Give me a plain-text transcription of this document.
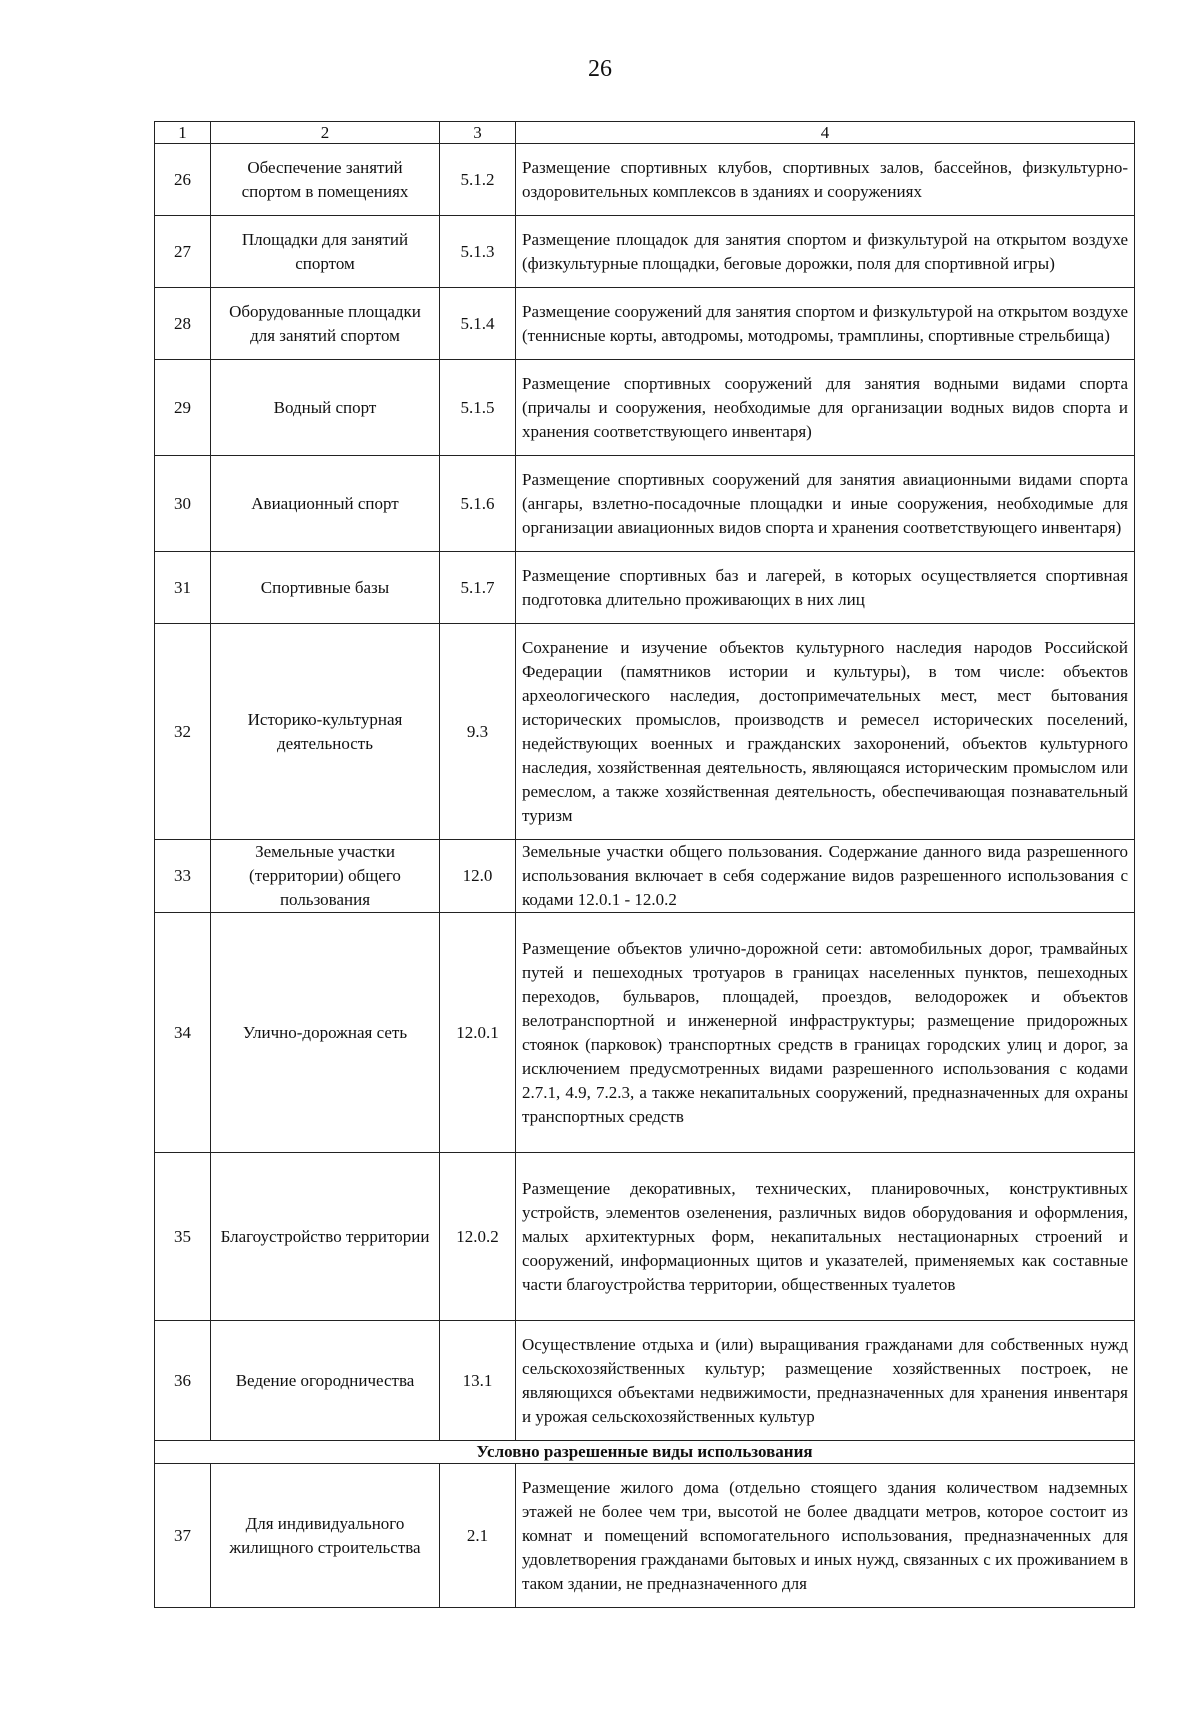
26
1	2	3	4
26	Обеспечение занятий спортом в помещениях	5.1.2	Размещение спортивных клубов, спортивных залов, бассейнов, физкультурно-оздоровительных комплексов в зданиях и сооружениях
27	Площадки для занятий спортом	5.1.3	Размещение площадок для занятия спортом и физкультурой на открытом воздухе (физкультурные площадки, беговые дорожки, поля для спортивной игры)
28	Оборудованные площадки для занятий спортом	5.1.4	Размещение сооружений для занятия спортом и физкультурой на открытом воздухе (теннисные корты, автодромы, мотодромы, трамплины, спортивные стрельбища)
29	Водный спорт	5.1.5	Размещение спортивных сооружений для занятия водными видами спорта (причалы и сооружения, необходимые для организации водных видов спорта и хранения соответствующего инвентаря)
30	Авиационный спорт	5.1.6	Размещение спортивных сооружений для занятия авиационными видами спорта (ангары, взлетно-посадочные площадки и иные сооружения, необходимые для организации авиационных видов спорта и хранения соответствующего инвентаря)
31	Спортивные базы	5.1.7	Размещение спортивных баз и лагерей, в которых осуществляется спортивная подготовка длительно проживающих в них лиц
32	Историко-культурная деятельность	9.3	Сохранение и изучение объектов культурного наследия народов Российской Федерации (памятников истории и культуры), в том числе: объектов археологического наследия, достопримечательных мест, мест бытования исторических промыслов, производств и ремесел исторических поселений, недействующих военных и гражданских захоронений, объектов культурного наследия, хозяйственная деятельность, являющаяся историческим промыслом или ремеслом, а также хозяйственная деятельность, обеспечивающая познавательный туризм
33	Земельные участки (территории) общего пользования	12.0	Земельные участки общего пользования. Содержание данного вида разрешенного использования включает в себя содержание видов разрешенного использования с кодами 12.0.1 - 12.0.2
34	Улично-дорожная сеть	12.0.1	Размещение объектов улично-дорожной сети: автомобильных дорог, трамвайных путей и пешеходных тротуаров в границах населенных пунктов, пешеходных переходов, бульваров, площадей, проездов, велодорожек и объектов велотранспортной и инженерной инфраструктуры; размещение придорожных стоянок (парковок) транспортных средств в границах городских улиц и дорог, за исключением предусмотренных видами разрешенного использования с кодами 2.7.1, 4.9, 7.2.3, а также некапитальных сооружений, предназначенных для охраны транспортных средств
35	Благоустройство территории	12.0.2	Размещение декоративных, технических, планировочных, конструктивных устройств, элементов озеленения, различных видов оборудования и оформления, малых архитектурных форм, некапитальных нестационарных строений и сооружений, информационных щитов и указателей, применяемых как составные части благоустройства территории, общественных туалетов
36	Ведение огородничества	13.1	Осуществление отдыха и (или) выращивания гражданами для собственных нужд сельскохозяйственных культур; размещение хозяйственных построек, не являющихся объектами недвижимости, предназначенных для хранения инвентаря и урожая сельскохозяйственных культур
Условно разрешенные виды использования			
37	Для индивидуального жилищного строительства	2.1	Размещение жилого дома (отдельно стоящего здания количеством надземных этажей не более чем три, высотой не более двадцати метров, которое состоит из комнат и помещений вспомогательного использования, предназначенных для удовлетворения гражданами бытовых и иных нужд, связанных с их проживанием в таком здании, не предназначенного для
